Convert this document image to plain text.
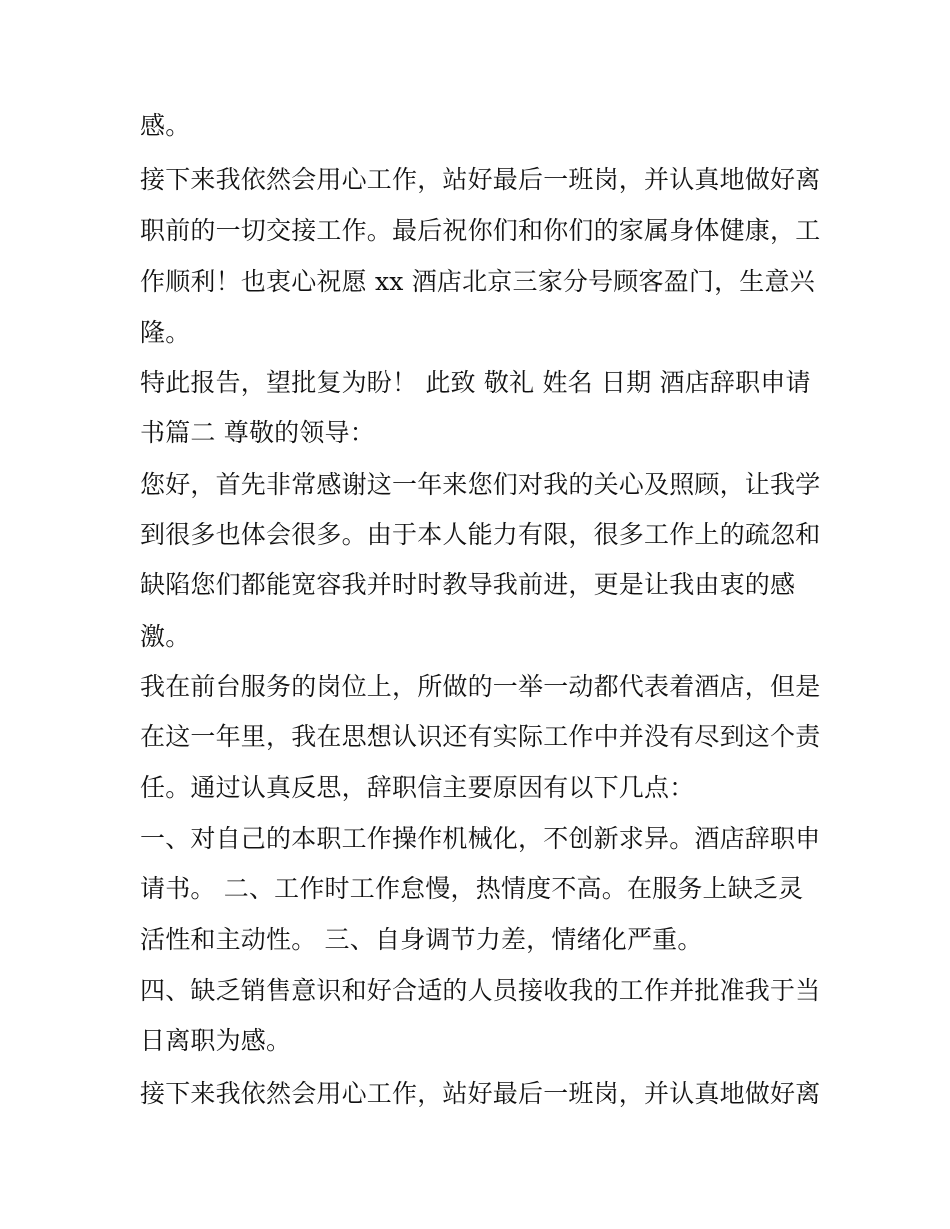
感。
接下来我依然会用心工作，站好最后一班岗，并认真地做好离
职前的一切交接工作。最后祝你们和你们的家属身体健康，工
作顺利！也衷心祝愿 xx 酒店北京三家分号顾客盈门，生意兴
隆。
特此报告，望批复为盼！ 此致 敬礼 姓名 日期 酒店辞职申请
书篇二 尊敬的领导：
您好，首先非常感谢这一年来您们对我的关心及照顾，让我学
到很多也体会很多。由于本人能力有限，很多工作上的疏忽和
缺陷您们都能宽容我并时时教导我前进，更是让我由衷的感
激。
我在前台服务的岗位上，所做的一举一动都代表着酒店，但是
在这一年里，我在思想认识还有实际工作中并没有尽到这个责
任。通过认真反思，辞职信主要原因有以下几点：
一、对自己的本职工作操作机械化，不创新求异。酒店辞职申
请书。 二、工作时工作怠慢，热情度不高。在服务上缺乏灵
活性和主动性。 三、自身调节力差，情绪化严重。
四、缺乏销售意识和好合适的人员接收我的工作并批准我于当
日离职为感。
接下来我依然会用心工作，站好最后一班岗，并认真地做好离
